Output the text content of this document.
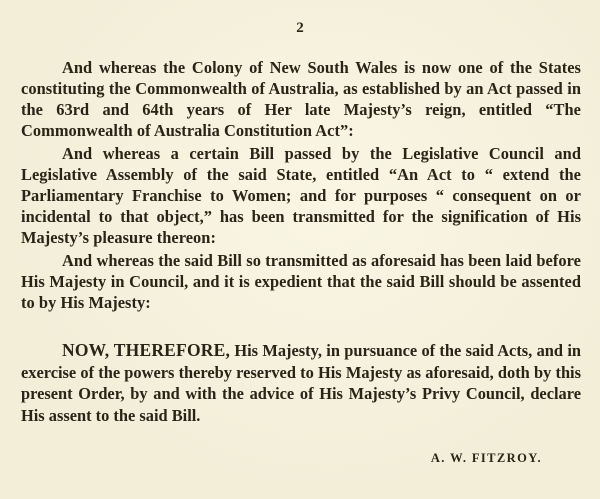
2

And whereas the Colony of New South Wales is now one of the States constituting the Commonwealth of Australia, as established by an Act passed in the 63rd and 64th years of Her late Majesty’s reign, entitled “The Commonwealth of Australia Constitution Act”:

And whereas a certain Bill passed by the Legislative Council and Legislative Assembly of the said State, entitled “An Act to “ extend the Parliamentary Franchise to Women; and for purposes “ consequent on or incidental to that object,” has been transmitted for the signification of His Majesty’s pleasure thereon:

And whereas the said Bill so transmitted as aforesaid has been laid before His Majesty in Council, and it is expedient that the said Bill should be assented to by His Majesty:

NOW, THEREFORE, His Majesty, in pursuance of the said Acts, and in exercise of the powers thereby reserved to His Majesty as aforesaid, doth by this present Order, by and with the advice of His Majesty’s Privy Council, declare His assent to the said Bill.

A. W. FITZROY.
